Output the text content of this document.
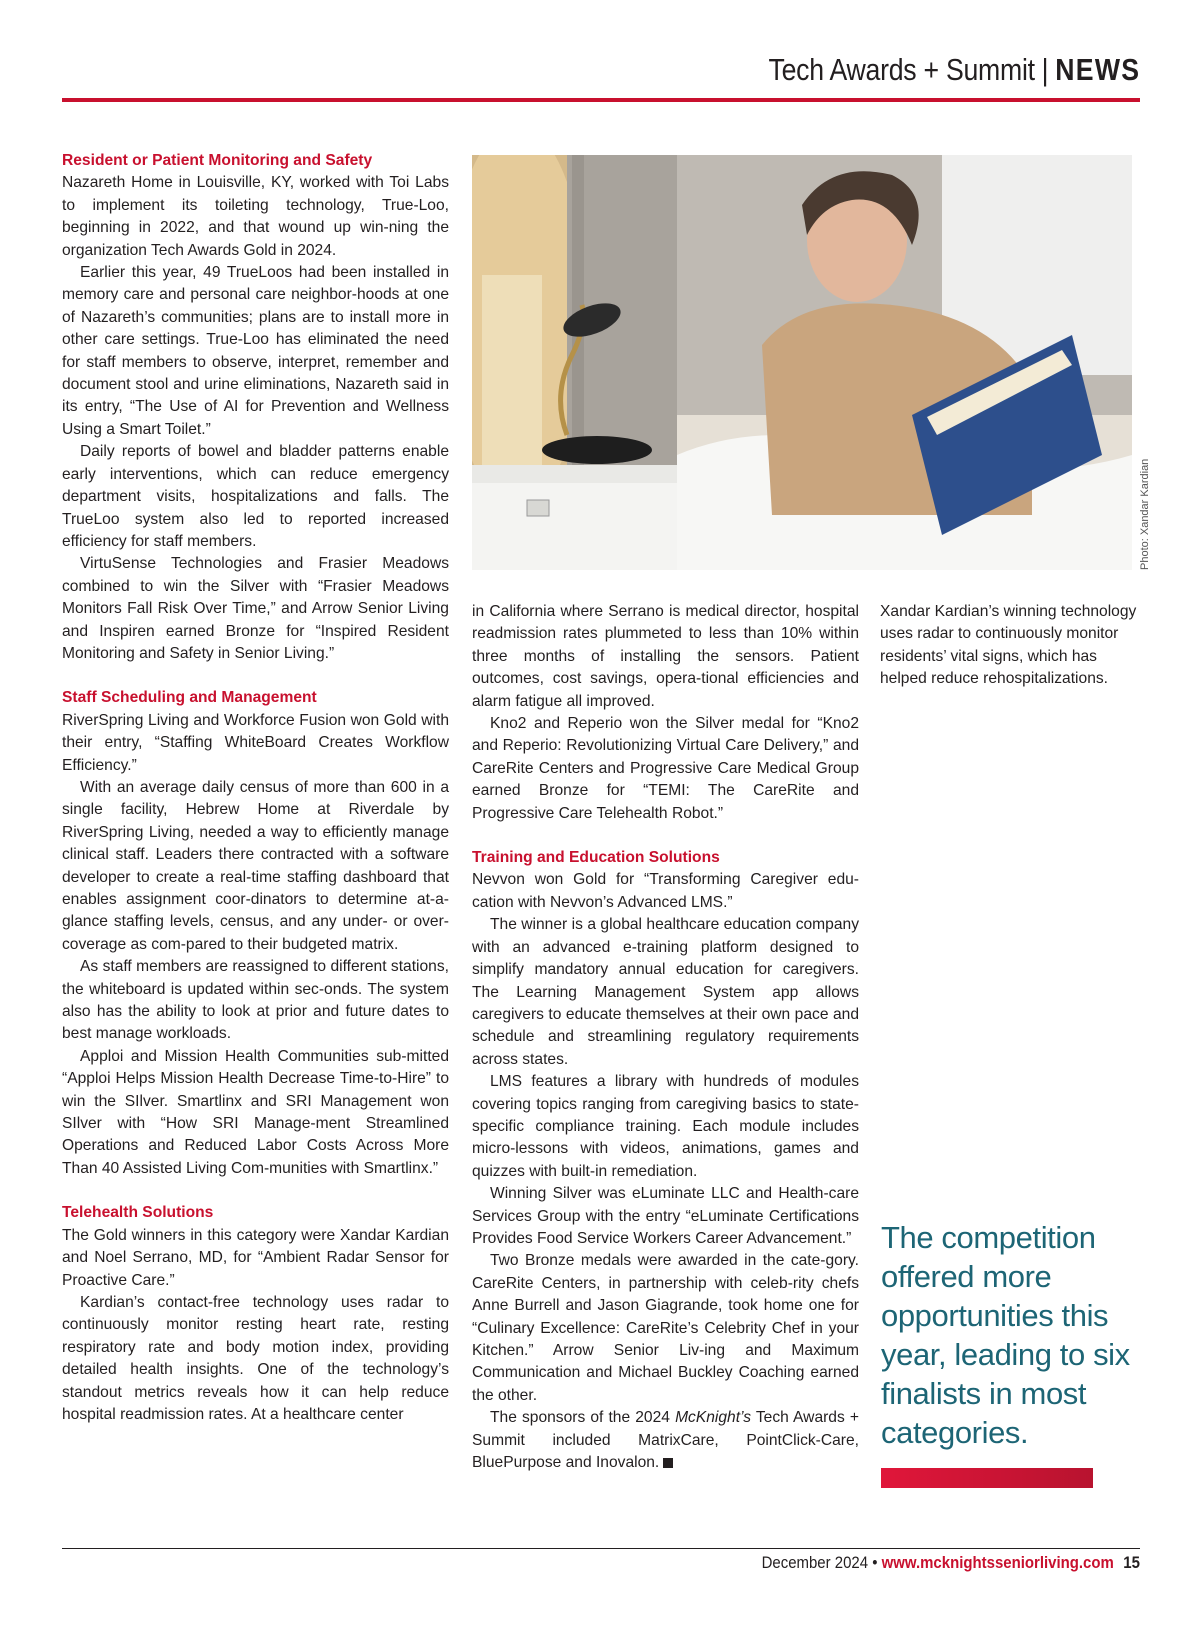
Tech Awards + Summit | NEWS
Resident or Patient Monitoring and Safety

Nazareth Home in Louisville, KY, worked with Toi Labs to implement its toileting technology, True-Loo, beginning in 2022, and that wound up win-ning the organization Tech Awards Gold in 2024.

Earlier this year, 49 TrueLoos had been installed in memory care and personal care neighbor-hoods at one of Nazareth’s communities; plans are to install more in other care settings. True-Loo has eliminated the need for staff members to observe, interpret, remember and document stool and urine eliminations, Nazareth said in its entry, “The Use of AI for Prevention and Wellness Using a Smart Toilet.”

Daily reports of bowel and bladder patterns enable early interventions, which can reduce emergency department visits, hospitalizations and falls. The TrueLoo system also led to reported increased efficiency for staff members.

VirtuSense Technologies and Frasier Meadows combined to win the Silver with “Frasier Meadows Monitors Fall Risk Over Time,” and Arrow Senior Living and Inspiren earned Bronze for “Inspired Resident Monitoring and Safety in Senior Living.”

Staff Scheduling and Management

RiverSpring Living and Workforce Fusion won Gold with their entry, “Staffing WhiteBoard Creates Workflow Efficiency.”

With an average daily census of more than 600 in a single facility, Hebrew Home at Riverdale by RiverSpring Living, needed a way to efficiently manage clinical staff. Leaders there contracted with a software developer to create a real-time staffing dashboard that enables assignment coor-dinators to determine at-a-glance staffing levels, census, and any under- or over-coverage as com-pared to their budgeted matrix.

As staff members are reassigned to different stations, the whiteboard is updated within sec-onds. The system also has the ability to look at prior and future dates to best manage workloads.

Apploi and Mission Health Communities sub-mitted “Apploi Helps Mission Health Decrease Time-to-Hire” to win the SIlver. Smartlinx and SRI Management won SIlver with “How SRI Manage-ment Streamlined Operations and Reduced Labor Costs Across More Than 40 Assisted Living Com-munities with Smartlinx.”

Telehealth Solutions

The Gold winners in this category were Xandar Kardian and Noel Serrano, MD, for “Ambient Radar Sensor for Proactive Care.”

Kardian’s contact-free technology uses radar to continuously monitor resting heart rate, resting respiratory rate and body motion index, providing detailed health insights. One of the technology’s standout metrics reveals how it can help reduce hospital readmission rates. At a healthcare center

Photo: Xandar Kardian

in California where Serrano is medical director, hospital readmission rates plummeted to less than 10% within three months of installing the sensors. Patient outcomes, cost savings, opera-tional efficiencies and alarm fatigue all improved.

Kno2 and Reperio won the Silver medal for “Kno2 and Reperio: Revolutionizing Virtual Care Delivery,” and CareRite Centers and Progressive Care Medical Group earned Bronze for “TEMI: The CareRite and Progressive Care Telehealth Robot.”

Training and Education Solutions

Nevvon won Gold for “Transforming Caregiver edu-cation with Nevvon’s Advanced LMS.”

The winner is a global healthcare education company with an advanced e-training platform designed to simplify mandatory annual education for caregivers. The Learning Management System app allows caregivers to educate themselves at their own pace and schedule and streamlining regulatory requirements across states.

LMS features a library with hundreds of modules covering topics ranging from caregiving basics to state-specific compliance training. Each module includes micro-lessons with videos, animations, games and quizzes with built-in remediation.

Winning Silver was eLuminate LLC and Health-care Services Group with the entry “eLuminate Certifications Provides Food Service Workers Career Advancement.”

Two Bronze medals were awarded in the cate-gory. CareRite Centers, in partnership with celeb-rity chefs Anne Burrell and Jason Giagrande, took home one for “Culinary Excellence: CareRite’s Celebrity Chef in your Kitchen.” Arrow Senior Liv-ing and Maximum Communication and Michael Buckley Coaching earned the other.

The sponsors of the 2024 McKnight’s Tech Awards + Summit included MatrixCare, PointClick-Care, BluePurpose and Inovalon.

Xandar Kardian’s winning technology uses radar to continuously monitor residents’ vital signs, which has helped reduce rehospitalizations.

The competition offered more opportunities this year, leading to six finalists in most categories.
December 2024 • www.mcknightsseniorliving.com 15
